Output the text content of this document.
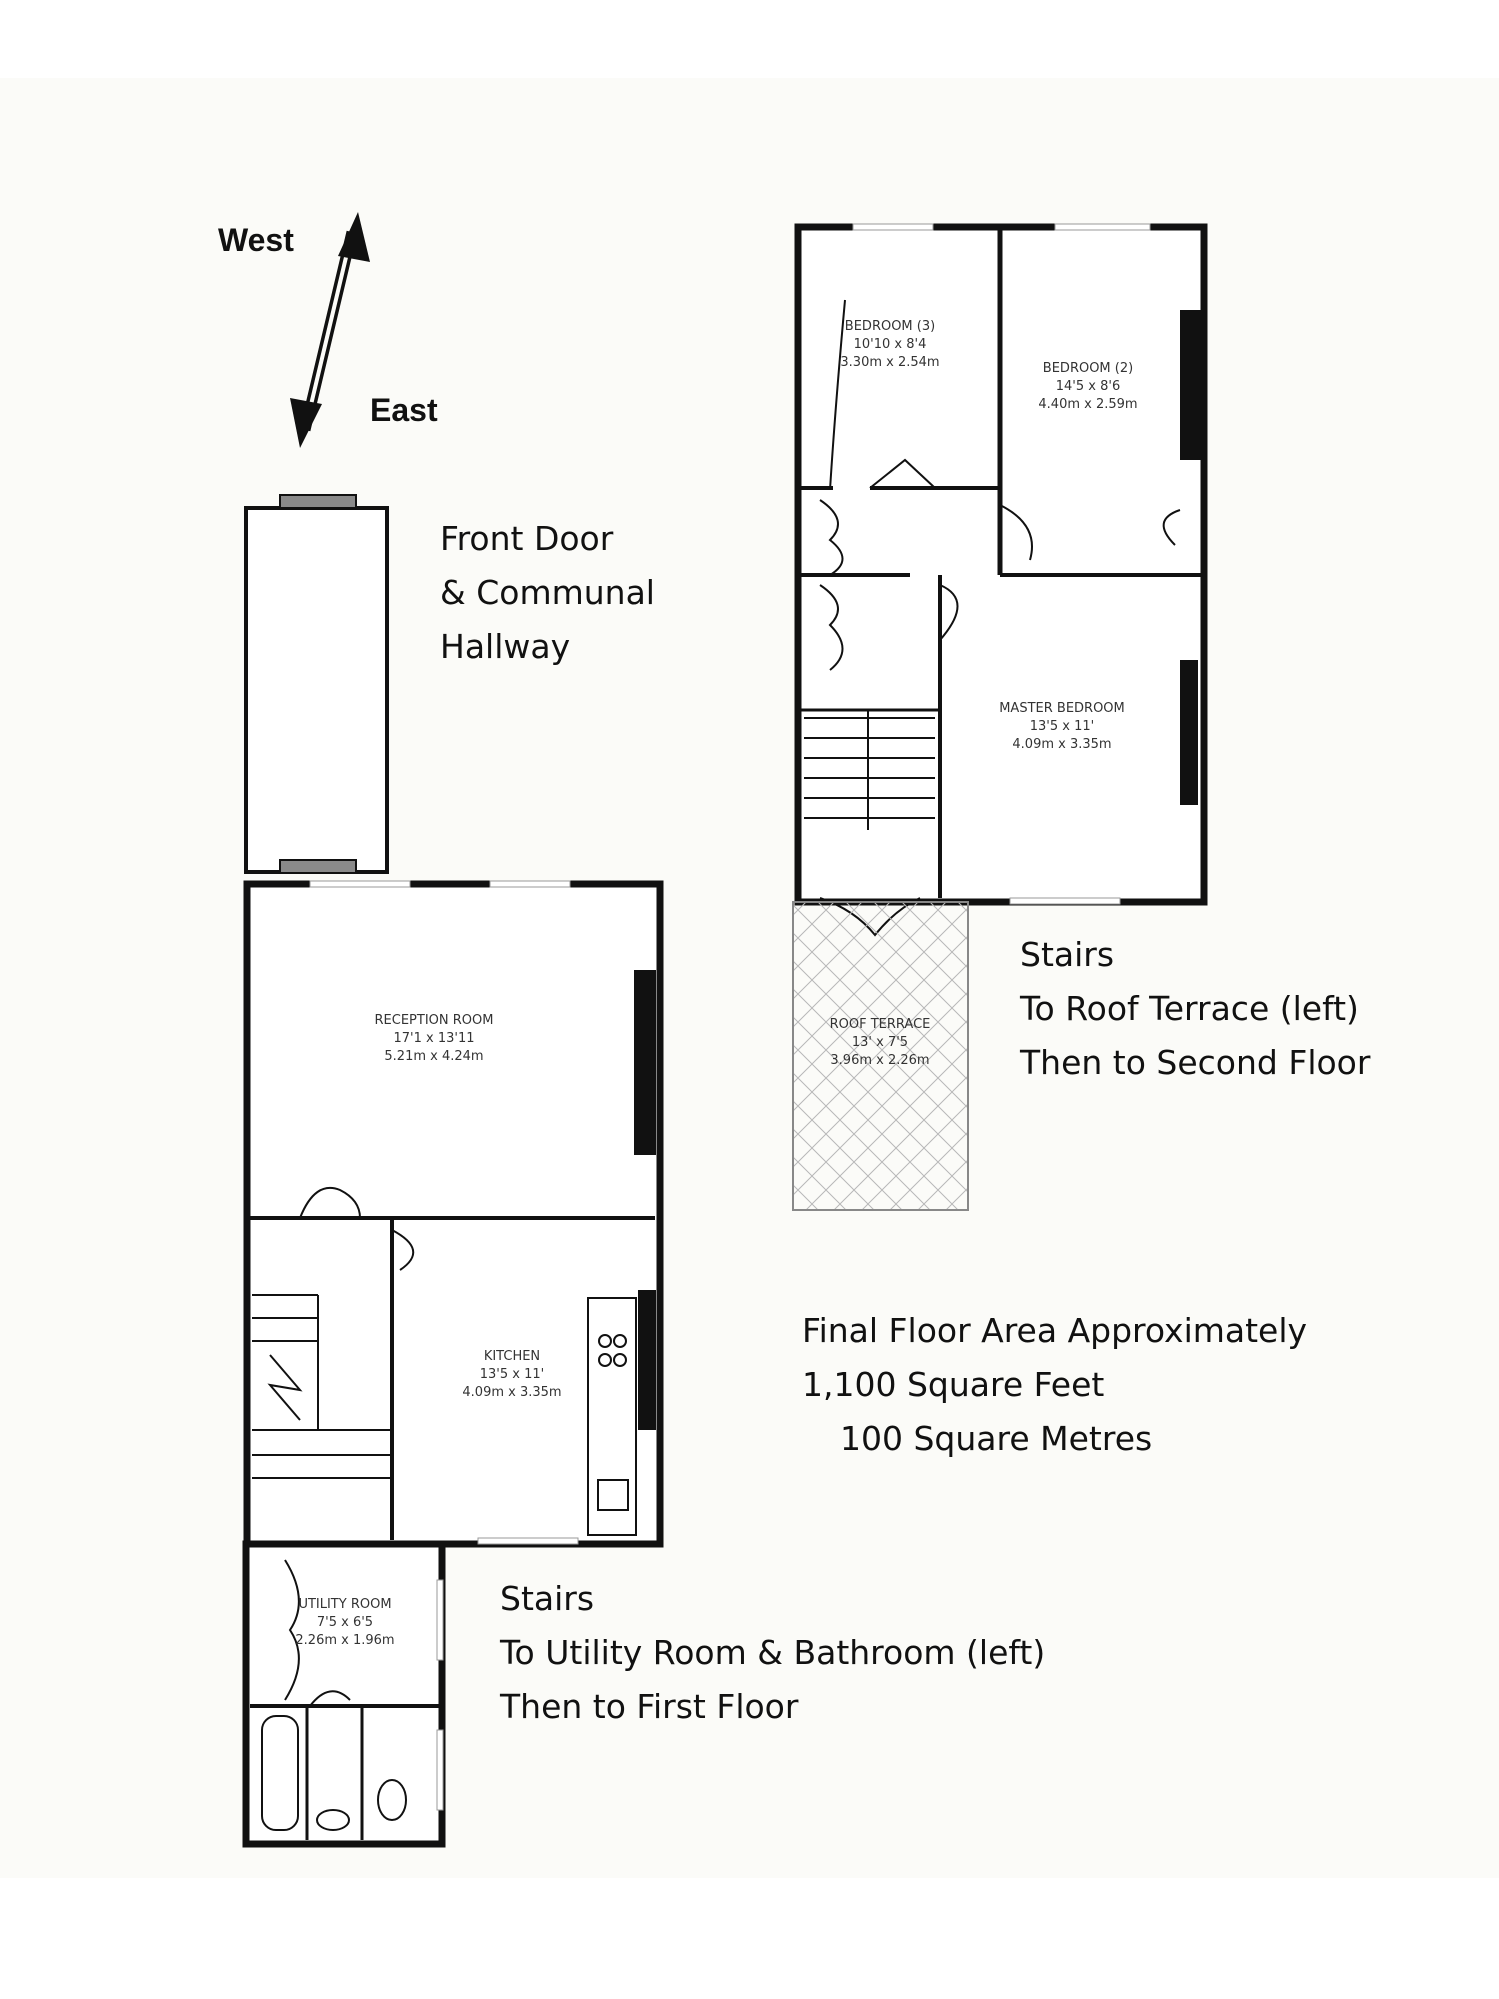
BEDROOM (3)
10'10 x 8'4
3.30m x 2.54m	BEDROOM (2)
14'5 x 8'6
4.40m x 2.59m
MASTER BEDROOM
13'5 x 11'
4.09m x 3.35m
ROOF TERRACE
13' x 7'5
3.96m x 2.26m
RECEPTION ROOM
17'1 x 13'11
5.21m x 4.24m
KITCHEN
13'5 x 11'
4.09m x 3.35m
UTILITY ROOM
7'5 x 6'5
2.26m x 1.96m
West
East
Front Door
& Communal
Hallway
Stairs
To Roof Terrace (left)
Then to Second Floor
Final Floor Area Approximately
1,100 Square Feet
100 Square Metres
Stairs
To Utility Room & Bathroom (left)
Then to First Floor
